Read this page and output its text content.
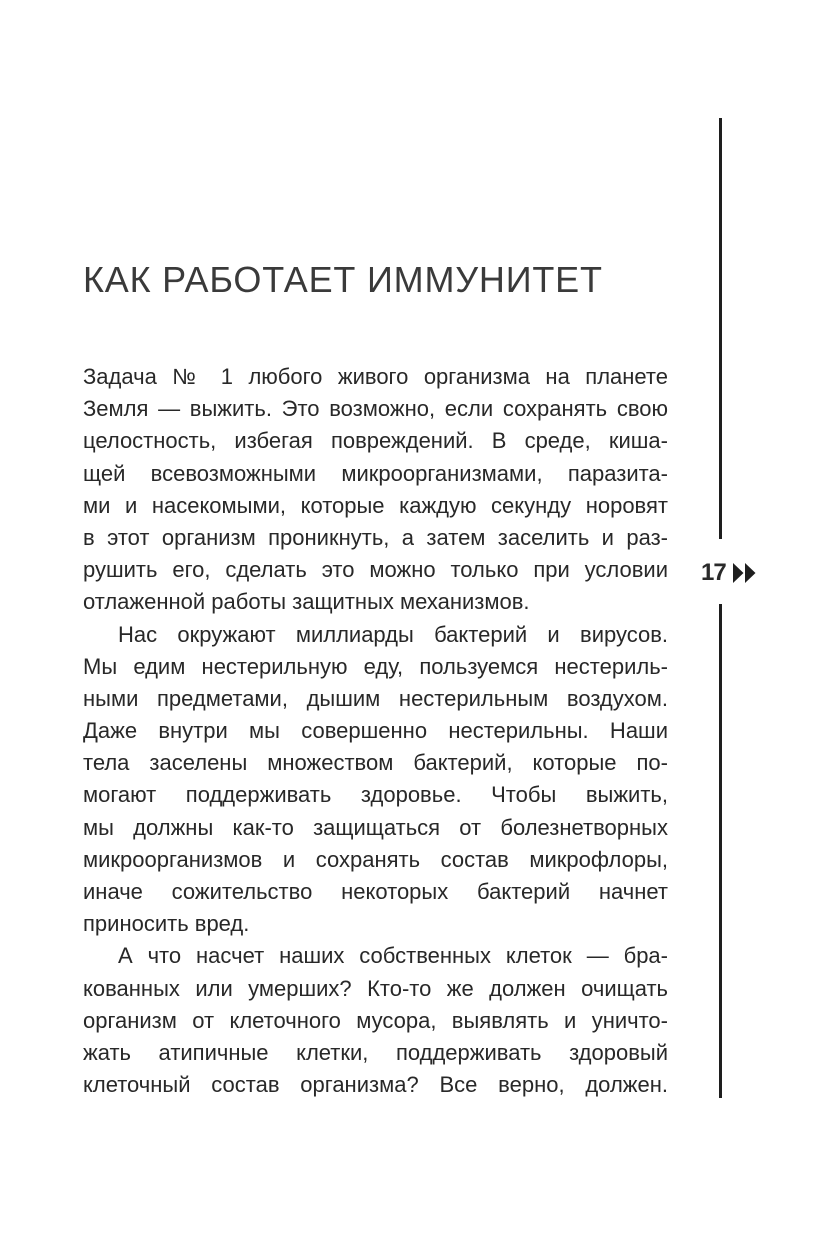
КАК РАБОТАЕТ ИММУНИТЕТ
Задача № 1 любого живого организма на планете
Земля — выжить. Это возможно, если сохранять свою
целостность, избегая повреждений. В среде, киша-
щей всевозможными микроорганизмами, паразита-
ми и насекомыми, которые каждую секунду норовят
в этот организм проникнуть, а затем заселить и раз-
рушить его, сделать это можно только при условии
отлаженной работы защитных механизмов.
Нас окружают миллиарды бактерий и вирусов.
Мы едим нестерильную еду, пользуемся нестериль-
ными предметами, дышим нестерильным воздухом.
Даже внутри мы совершенно нестерильны. Наши
тела заселены множеством бактерий, которые по-
могают поддерживать здоровье. Чтобы выжить,
мы должны как-то защищаться от болезнетворных
микроорганизмов и сохранять состав микрофлоры,
иначе сожительство некоторых бактерий начнет
приносить вред.
А что насчет наших собственных клеток — бра-
кованных или умерших? Кто-то же должен очищать
организм от клеточного мусора, выявлять и уничто-
жать атипичные клетки, поддерживать здоровый
клеточный состав организма? Все верно, должен.
17
